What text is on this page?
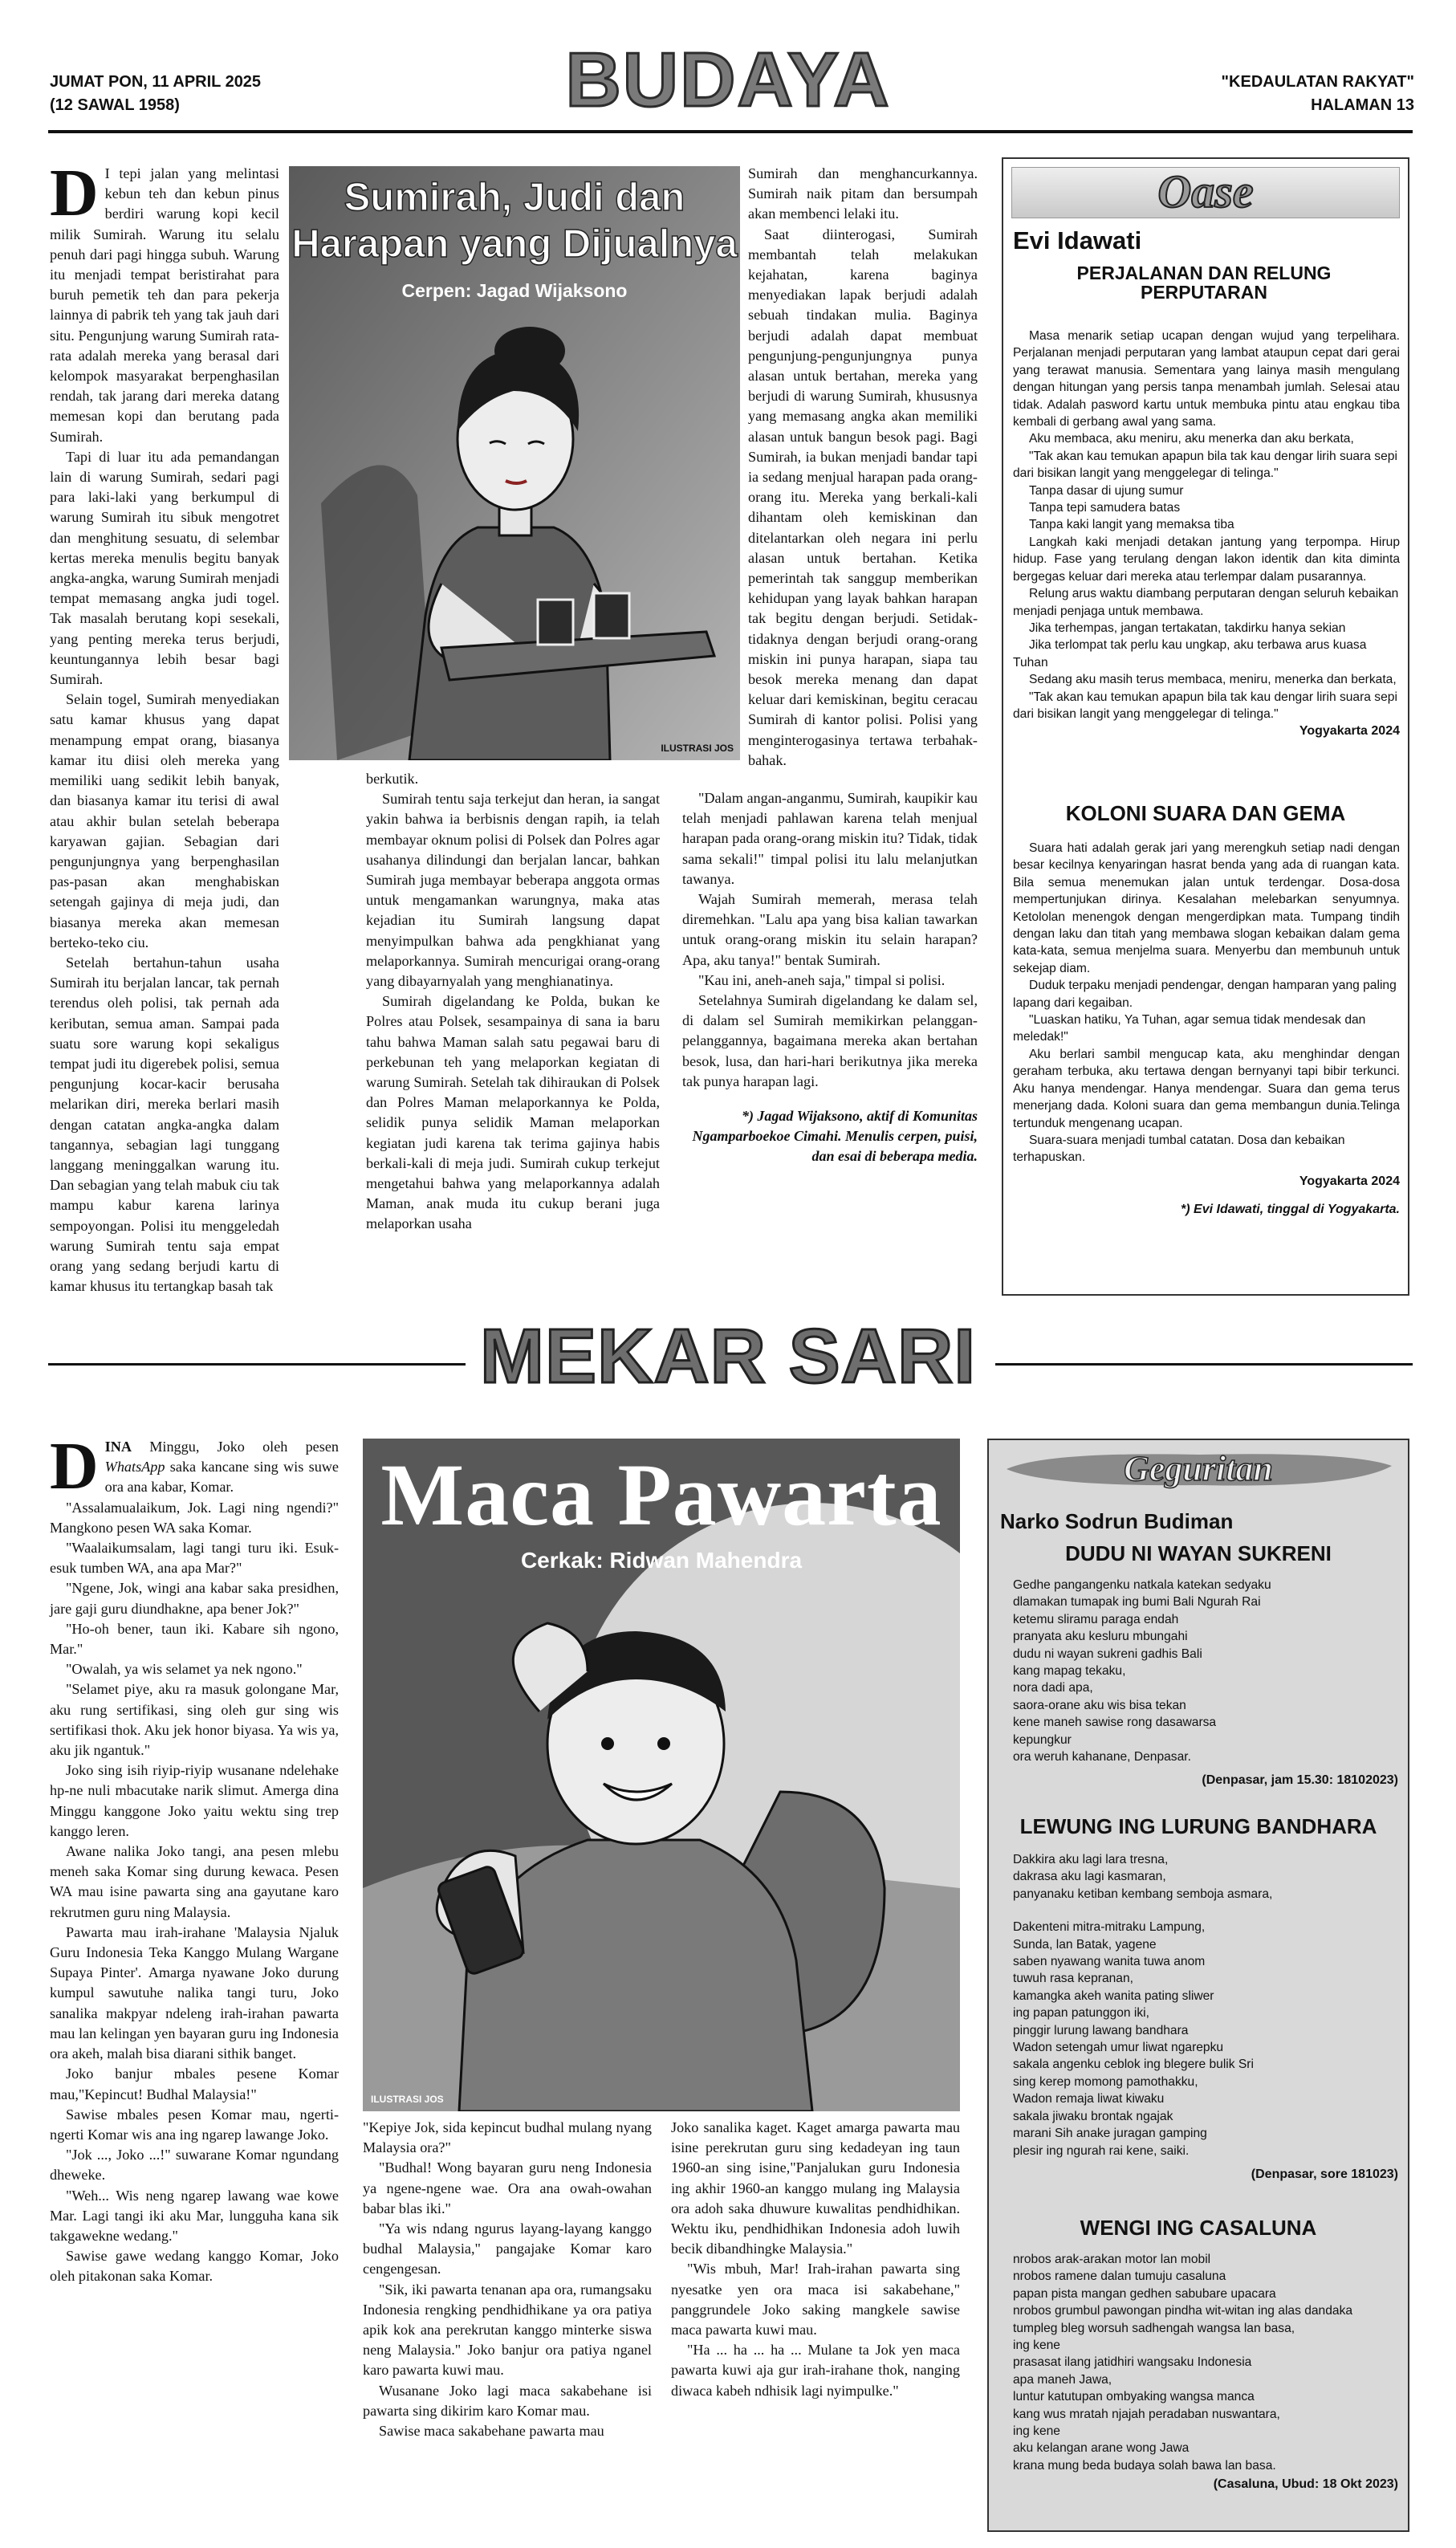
JUMAT PON, 11 APRIL 2025
(12 SAWAL 1958)	BUDAYA	"KEDAULATAN RAKYAT"
HALAMAN 13

D I tepi jalan yang melintasi kebun teh dan kebun pinus berdiri warung kopi kecil milik Sumirah. Warung itu selalu penuh dari pagi hingga subuh. Warung itu menjadi tempat beristirahat para buruh pemetik teh dan para pekerja lainnya di pabrik teh yang tak jauh dari situ. Pengunjung warung Sumirah rata-rata adalah mereka yang berasal dari kelompok masyarakat berpenghasilan rendah, tak jarang dari mereka datang memesan kopi dan berutang pada Sumirah.

Tapi di luar itu ada pemandangan lain di warung Sumirah, sedari pagi para laki-laki yang berkumpul di warung Sumirah itu sibuk mengotret dan menghitung sesuatu, di selembar kertas mereka menulis begitu banyak angka-angka, warung Sumirah menjadi tempat memasang angka judi togel. Tak masalah berutang kopi sesekali, yang penting mereka terus berjudi, keuntungannya lebih besar bagi Sumirah.

Selain togel, Sumirah menyediakan satu kamar khusus yang dapat menampung empat orang, biasanya kamar itu diisi oleh mereka yang memiliki uang sedikit lebih banyak, dan biasanya kamar itu terisi di awal atau akhir bulan setelah beberapa karyawan gajian. Sebagian dari pengunjungnya yang berpenghasilan pas-pasan akan menghabiskan setengah gajinya di meja judi, dan biasanya mereka akan memesan berteko-teko ciu.

Setelah bertahun-tahun usaha Sumirah itu berjalan lancar, tak pernah terendus oleh polisi, tak pernah ada keributan, semua aman. Sampai pada suatu sore warung kopi sekaligus tempat judi itu digerebek polisi, semua pengunjung kocar-kacir berusaha melarikan diri, mereka berlari masih dengan catatan angka-angka dalam tangannya, sebagian lagi tunggang langgang meninggalkan warung itu. Dan sebagian yang telah mabuk ciu tak mampu kabur karena larinya sempoyongan. Polisi itu menggeledah warung Sumirah tentu saja empat orang yang sedang berjudi kartu di kamar khusus itu tertangkap basah tak

Sumirah, Judi dan Harapan yang Dijualnya
Cerpen: Jagad Wijaksono
ILUSTRASI JOS

berkutik.

Sumirah tentu saja terkejut dan heran, ia sangat yakin bahwa ia berbisnis dengan rapih, ia telah membayar oknum polisi di Polsek dan Polres agar usahanya dilindungi dan berjalan lancar, bahkan Sumirah juga membayar beberapa anggota ormas untuk mengamankan warungnya, maka atas kejadian itu Sumirah langsung dapat menyimpulkan bahwa ada pengkhianat yang melaporkannya. Sumirah mencurigai orang-orang yang dibayarnyalah yang menghianatinya.

Sumirah digelandang ke Polda, bukan ke Polres atau Polsek, sesampainya di sana ia baru tahu bahwa Maman salah satu pegawai baru di perkebunan teh yang melaporkan kegiatan di warung Sumirah. Setelah tak dihiraukan di Polsek dan Polres Maman melaporkannya ke Polda, selidik punya selidik Maman melaporkan kegiatan judi karena tak terima gajinya habis berkali-kali di meja judi. Sumirah cukup terkejut mengetahui bahwa yang melaporkannya adalah Maman, anak muda itu cukup berani juga melaporkan usaha

Sumirah dan menghancurkannya. Sumirah naik pitam dan bersumpah akan membenci lelaki itu.

Saat diinterogasi, Sumirah membantah telah melakukan kejahatan, karena baginya menyediakan lapak berjudi adalah sebuah tindakan mulia. Baginya berjudi adalah dapat membuat pengunjung-pengunjungnya punya alasan untuk bertahan, mereka yang berjudi di warung Sumirah, khususnya yang memasang angka akan memiliki alasan untuk bangun besok pagi. Bagi Sumirah, ia bukan menjadi bandar tapi ia sedang menjual harapan pada orang-orang itu. Mereka yang berkali-kali dihantam oleh kemiskinan dan ditelantarkan oleh negara ini perlu alasan untuk bertahan. Ketika pemerintah tak sanggup memberikan kehidupan yang layak bahkan harapan tak begitu dengan berjudi. Setidak-tidaknya dengan berjudi orang-orang miskin ini punya harapan, siapa tau besok mereka menang dan dapat keluar dari kemiskinan, begitu ceracau Sumirah di kantor polisi. Polisi yang menginterogasinya tertawa terbahak-bahak.

"Dalam angan-anganmu, Sumirah, kaupikir kau telah menjadi pahlawan karena telah menjual harapan pada orang-orang miskin itu? Tidak, tidak sama sekali!" timpal polisi itu lalu melanjutkan tawanya.

Wajah Sumirah memerah, merasa telah diremehkan. "Lalu apa yang bisa kalian tawarkan untuk orang-orang miskin itu selain harapan? Apa, aku tanya!" bentak Sumirah.

"Kau ini, aneh-aneh saja," timpal si polisi.

Setelahnya Sumirah digelandang ke dalam sel, di dalam sel Sumirah memikirkan pelanggan-pelanggannya, bagaimana mereka akan bertahan besok, lusa, dan hari-hari berikutnya jika mereka tak punya harapan lagi.

*) Jagad Wijaksono, aktif di Komunitas Ngamparboekoe Cimahi. Menulis cerpen, puisi, dan esai di beberapa media.

Oase
Evi Idawati
PERJALANAN DAN RELUNG PERPUTARAN
Masa menarik setiap ucapan dengan wujud yang terpelihara. Perjalanan menjadi perputaran yang lambat ataupun cepat dari gerai yang terawat manusia. Sementara yang lainya masih mengulang dengan hitungan yang persis tanpa menambah jumlah. Selesai atau tidak. Adalah pasword kartu untuk membuka pintu atau engkau tiba kembali di gerbang awal yang sama.
Aku membaca, aku meniru, aku menerka dan aku berkata,
"Tak akan kau temukan apapun bila tak kau dengar lirih suara sepi dari bisikan langit yang menggelegar di telinga."
Tanpa dasar di ujung sumur
Tanpa tepi samudera batas
Tanpa kaki langit yang memaksa tiba
Langkah kaki menjadi detakan jantung yang terpompa. Hirup hidup. Fase yang terulang dengan lakon identik dan kita diminta bergegas keluar dari mereka atau terlempar dalam pusarannya.
Relung arus waktu diambang perputaran dengan seluruh kebaikan menjadi penjaga untuk membawa.
Jika terhempas, jangan tertakatan, takdirku hanya sekian
Jika terlompat tak perlu kau ungkap, aku terbawa arus kuasa Tuhan
Sedang aku masih terus membaca, meniru, menerka dan berkata,
"Tak akan kau temukan apapun bila tak kau dengar lirih suara sepi dari bisikan langit yang menggelegar di telinga."
Yogyakarta 2024
KOLONI SUARA DAN GEMA
Suara hati adalah gerak jari yang merengkuh setiap nadi dengan besar kecilnya kenyaringan hasrat benda yang ada di ruangan kata. Bila semua menemukan jalan untuk terdengar. Dosa-dosa mempertunjukan dirinya. Kesalahan melebarkan senyumnya. Ketololan menengok dengan mengerdipkan mata. Tumpang tindih dengan laku dan titah yang membawa slogan kebaikan dalam gema kata-kata, semua menjelma suara. Menyerbu dan membunuh untuk sekejap diam.
Duduk terpaku menjadi pendengar, dengan hamparan yang paling lapang dari kegaiban.
"Luaskan hatiku, Ya Tuhan, agar semua tidak mendesak dan meledak!"
Aku berlari sambil mengucap kata, aku menghindar dengan geraham terbuka, aku tertawa dengan bernyanyi tapi bibir terkunci. Aku hanya mendengar. Hanya mendengar. Suara dan gema terus menerjang dada. Koloni suara dan gema membangun dunia.Telinga tertunduk mengenang ucapan.
Suara-suara menjadi tumbal catatan. Dosa dan kebaikan terhapuskan.
Yogyakarta 2024
*) Evi Idawati, tinggal di Yogyakarta.
MEKAR SARI

DINA Minggu, Joko oleh pesen WhatsApp saka kancane sing wis suwe ora ana kabar, Komar.

"Assalamualaikum, Jok. Lagi ning ngendi?" Mangkono pesen WA saka Komar.

"Waalaikumsalam, lagi tangi turu iki. Esuk-esuk tumben WA, ana apa Mar?"

"Ngene, Jok, wingi ana kabar saka presidhen, jare gaji guru diundhakne, apa bener Jok?"

"Ho-oh bener, taun iki. Kabare sih ngono, Mar."

"Owalah, ya wis selamet ya nek ngono."

"Selamet piye, aku ra masuk golongane Mar, aku rung sertifikasi, sing oleh gur sing wis sertifikasi thok. Aku jek honor biyasa. Ya wis ya, aku jik ngantuk."

Joko sing isih riyip-riyip wusanane ndelehake hp-ne nuli mbacutake narik slimut. Amerga dina Minggu kanggone Joko yaitu wektu sing trep kanggo leren.

Awane nalika Joko tangi, ana pesen mlebu meneh saka Komar sing durung kewaca. Pesen WA mau isine pawarta sing ana gayutane karo rekrutmen guru ning Malaysia.

Pawarta mau irah-irahane 'Malaysia Njaluk Guru Indonesia Teka Kanggo Mulang Wargane Supaya Pinter'. Amarga nyawane Joko durung kumpul sawutuhe nalika tangi turu, Joko sanalika makpyar ndeleng irah-irahan pawarta mau lan kelingan yen bayaran guru ing Indonesia ora akeh, malah bisa diarani sithik banget.

Joko banjur mbales pesene Komar mau,"Kepincut! Budhal Malaysia!"

Sawise mbales pesen Komar mau, ngerti-ngerti Komar wis ana ing ngarep lawange Joko.

"Jok ..., Joko ...!" suwarane Komar ngundang dheweke.

"Weh... Wis neng ngarep lawang wae kowe Mar. Lagi tangi iki aku Mar, lungguha kana sik takgawekne wedang."

Sawise gawe wedang kanggo Komar, Joko oleh pitakonan saka Komar.

Maca Pawarta
Cerkak: Ridwan Mahendra
ILUSTRASI JOS

"Kepiye Jok, sida kepincut budhal mulang nyang Malaysia ora?"

"Budhal! Wong bayaran guru neng Indonesia ya ngene-ngene wae. Ora ana owah-owahan babar blas iki."

"Ya wis ndang ngurus layang-layang kanggo budhal Malaysia," pangajake Komar karo cengengesan.

"Sik, iki pawarta tenanan apa ora, rumangsaku Indonesia rengking pendhidhikane ya ora patiya apik kok ana perekrutan kanggo minterke siswa neng Malaysia." Joko banjur ora patiya nganel karo pawarta kuwi mau.

Wusanane Joko lagi maca sakabehane isi pawarta sing dikirim karo Komar mau.

Sawise maca sakabehane pawarta mau

Joko sanalika kaget. Kaget amarga pawarta mau isine perekrutan guru sing kedadeyan ing taun 1960-an sing isine,"Panjalukan guru Indonesia ing akhir 1960-an kanggo mulang ing Malaysia ora adoh saka dhuwure kuwalitas pendhidhikan. Wektu iku, pendhidhikan Indonesia adoh luwih becik dibandhingke Malaysia."

"Wis mbuh, Mar! Irah-irahan pawarta sing nyesatke yen ora maca isi sakabehane," panggrundele Joko saking mangkele sawise maca pawarta kuwi mau.

"Ha ... ha ... ha ... Mulane ta Jok yen maca pawarta kuwi aja gur irah-irahane thok, nanging diwaca kabeh ndhisik lagi nyimpulke."

Geguritan
Narko Sodrun Budiman
DUDU NI WAYAN SUKRENI
Gedhe pangangenku natkala katekan sedyaku
dlamakan tumapak ing bumi Bali Ngurah Rai
ketemu sliramu paraga endah
pranyata aku kesluru mbungahi
dudu ni wayan sukreni gadhis Bali
kang mapag tekaku,
nora dadi apa,
saora-orane aku wis bisa tekan
kene maneh sawise rong dasawarsa
kepungkur
ora weruh kahanane, Denpasar.
(Denpasar, jam 15.30: 18102023)
LEWUNG ING LURUNG BANDHARA
Dakkira aku lagi lara tresna,
dakrasa aku lagi kasmaran,
panyanaku ketiban kembang semboja asmara,
Dakenteni mitra-mitraku Lampung,
Sunda, lan Batak, yagene
saben nyawang wanita tuwa anom
tuwuh rasa kepranan,
kamangka akeh wanita pating sliwer
ing papan patunggon iki,
pinggir lurung lawang bandhara
Wadon setengah umur liwat ngarepku
sakala angenku ceblok ing blegere bulik Sri
sing kerep momong pamothakku,
Wadon remaja liwat kiwaku
sakala jiwaku brontak ngajak
marani Sih anake juragan gamping
plesir ing ngurah rai kene, saiki.
(Denpasar, sore 181023)
WENGI ING CASALUNA
nrobos arak-arakan motor lan mobil
nrobos ramene dalan tumuju casaluna
papan pista mangan gedhen sabubare upacara
nrobos grumbul pawongan pindha wit-witan ing alas dandaka
tumpleg bleg worsuh sadhengah wangsa lan basa,
ing kene
prasasat ilang jatidhiri wangsaku Indonesia
apa maneh Jawa,
luntur katutupan ombyaking wangsa manca
kang wus mratah njajah peradaban nuswantara,
ing kene
aku kelangan arane wong Jawa
krana mung beda budaya solah bawa lan basa.
(Casaluna, Ubud: 18 Okt 2023)
